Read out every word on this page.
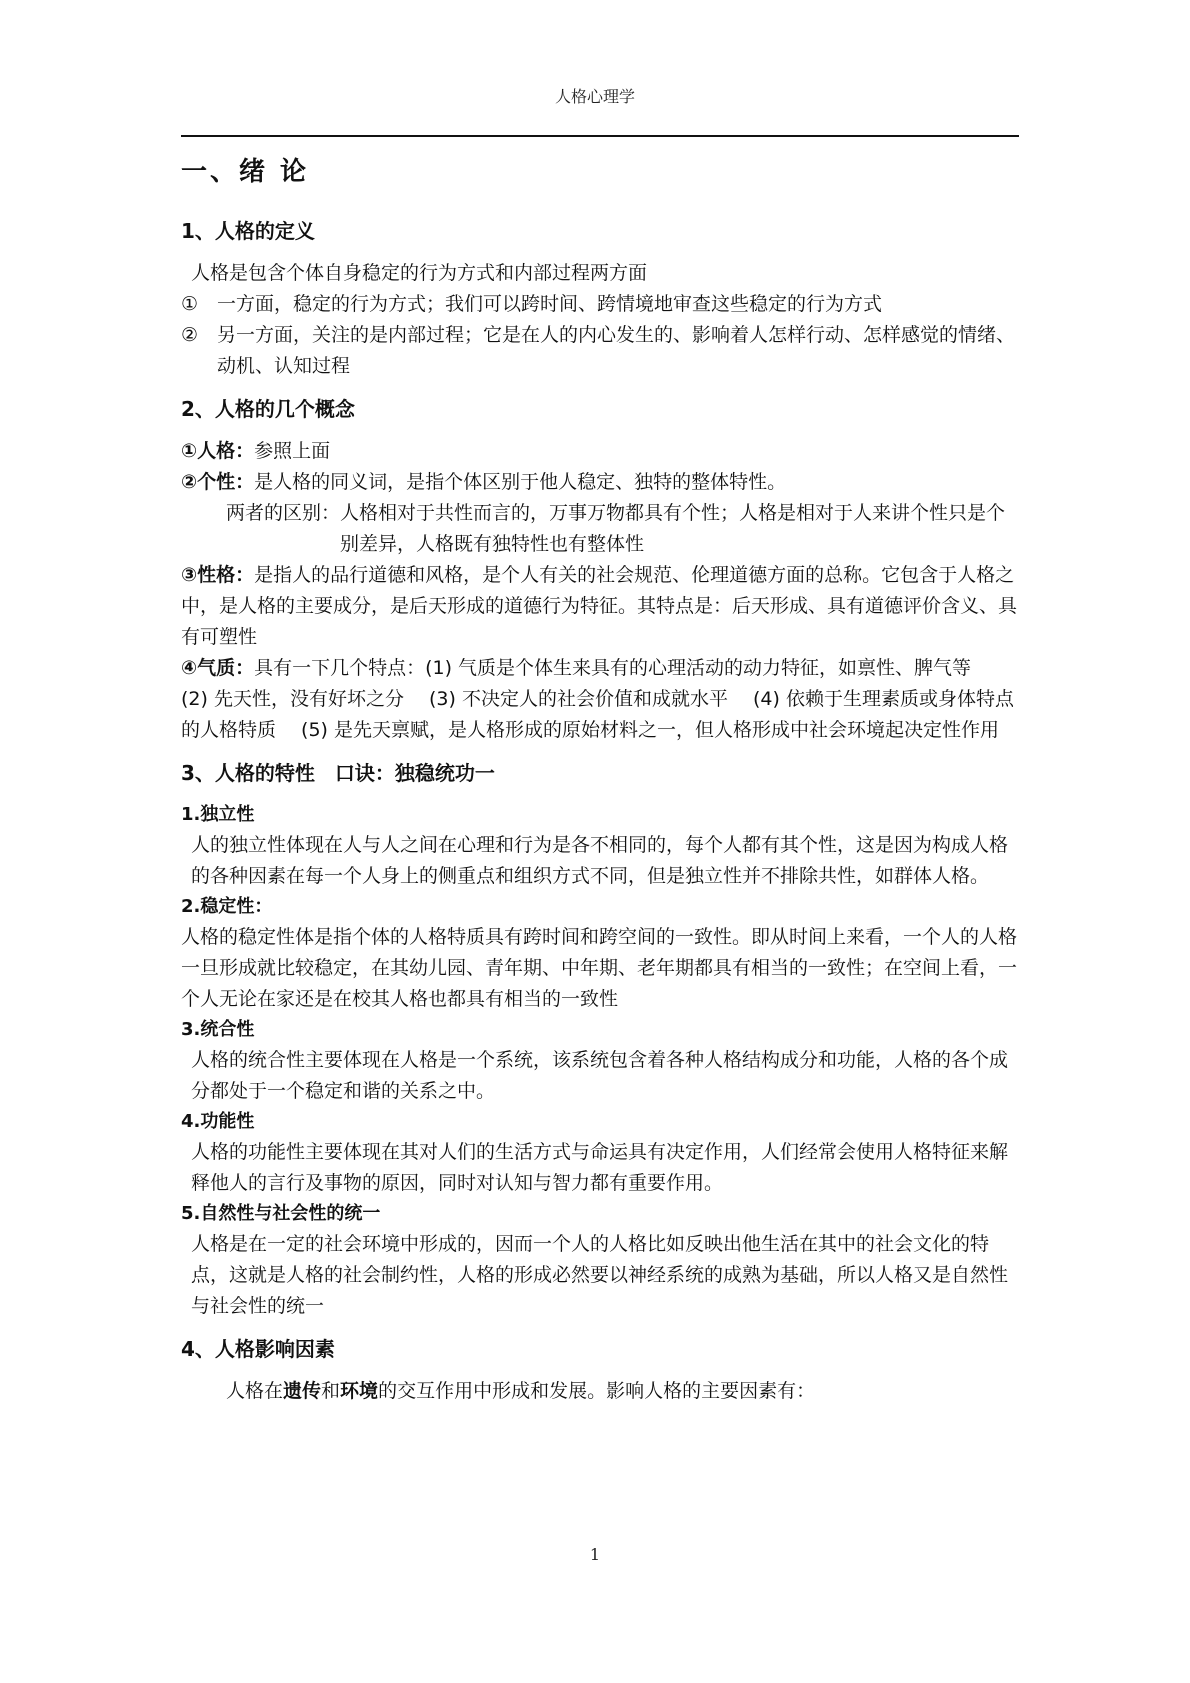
人格心理学
一、绪 论
1、人格的定义

人格是包含个体自身稳定的行为方式和内部过程两方面

① 一方面，稳定的行为方式；我们可以跨时间、跨情境地审查这些稳定的行为方式
② 另一方面，关注的是内部过程；它是在人的内心发生的、影响着人怎样行动、怎样感觉的情绪、动机、认知过程
2、人格的几个概念

①人格：参照上面

②个性：是人格的同义词，是指个体区别于他人稳定、独特的整体特性。

两者的区别： 人格相对于共性而言的，万事万物都具有个性；人格是相对于人来讲个性只是个别差异，人格既有独特性也有整体性

③性格：是指人的品行道德和风格，是个人有关的社会规范、伦理道德方面的总称。它包含于人格之中，是人格的主要成分，是后天形成的道德行为特征。其特点是：后天形成、具有道德评价含义、具有可塑性

④气质：具有一下几个特点：(1) 气质是个体生来具有的心理活动的动力特征，如禀性、脾气等　 (2) 先天性，没有好坏之分　 (3) 不决定人的社会价值和成就水平　 (4) 依赖于生理素质或身体特点的人格特质　 (5) 是先天禀赋，是人格形成的原始材料之一，但人格形成中社会环境起决定性作用

3、人格的特性　口诀：独稳统功一
1.独立性

人的独立性体现在人与人之间在心理和行为是各不相同的，每个人都有其个性，这是因为构成人格的各种因素在每一个人身上的侧重点和组织方式不同，但是独立性并不排除共性，如群体人格。

2.稳定性：

人格的稳定性体是指个体的人格特质具有跨时间和跨空间的一致性。即从时间上来看，一个人的人格一旦形成就比较稳定，在其幼儿园、青年期、中年期、老年期都具有相当的一致性；在空间上看，一个人无论在家还是在校其人格也都具有相当的一致性

3.统合性

人格的统合性主要体现在人格是一个系统，该系统包含着各种人格结构成分和功能，人格的各个成分都处于一个稳定和谐的关系之中。

4.功能性

人格的功能性主要体现在其对人们的生活方式与命运具有决定作用，人们经常会使用人格特征来解释他人的言行及事物的原因，同时对认知与智力都有重要作用。

5.自然性与社会性的统一

人格是在一定的社会环境中形成的，因而一个人的人格比如反映出他生活在其中的社会文化的特点，这就是人格的社会制约性，人格的形成必然要以神经系统的成熟为基础，所以人格又是自然性与社会性的统一

4、人格影响因素

人格在遗传和环境的交互作用中形成和发展。影响人格的主要因素有：

1
